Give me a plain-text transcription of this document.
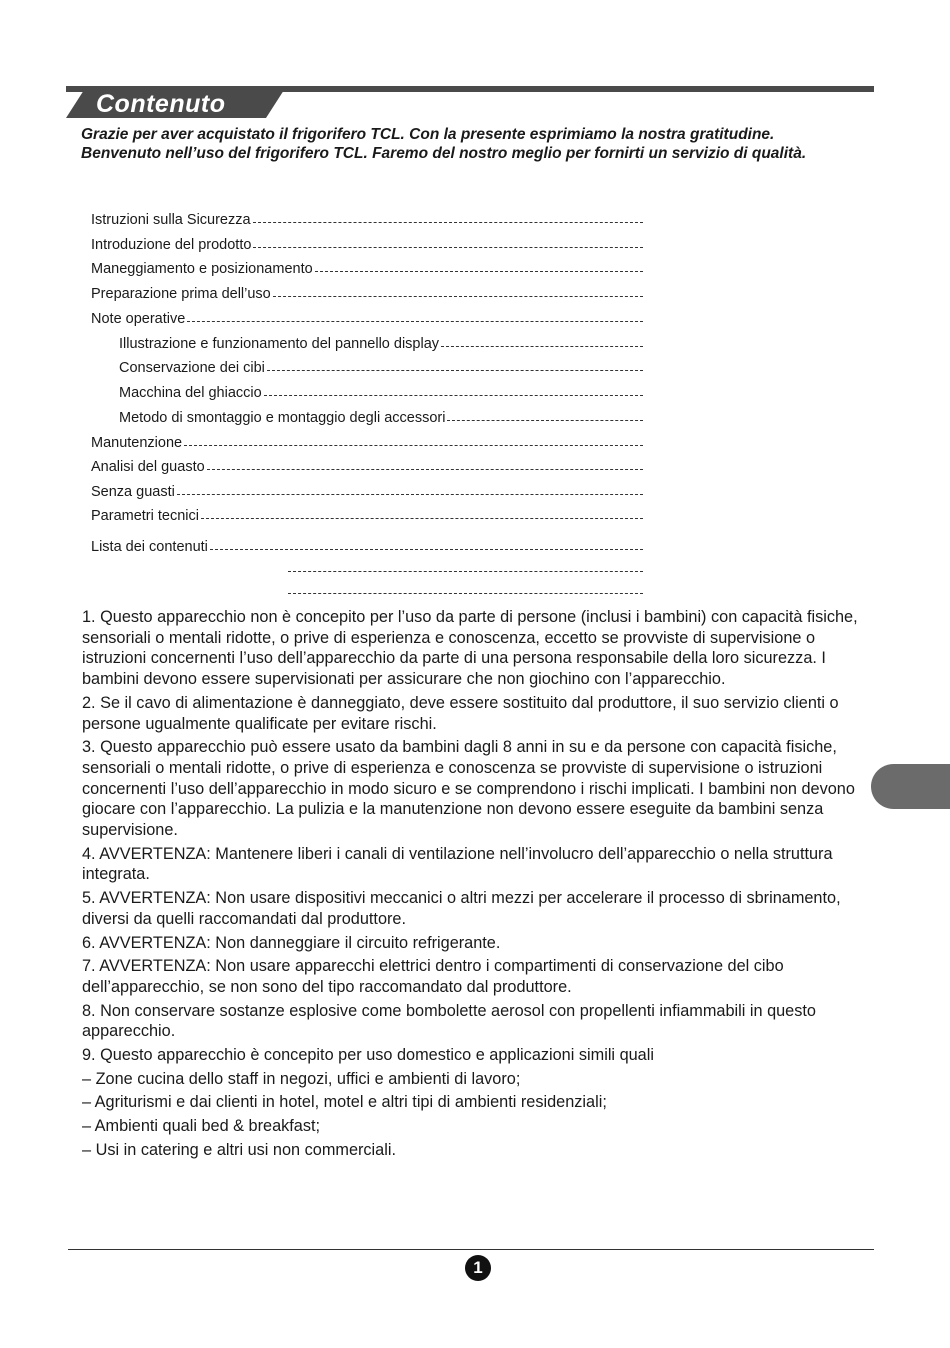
Contenuto

Grazie per aver acquistato il frigorifero TCL. Con la presente esprimiamo la nostra gratitudine.

Benvenuto nell’uso del frigorifero TCL. Faremo del nostro meglio per fornirti un servizio di qualità.

Istruzioni sulla Sicurezza
Introduzione del prodotto
Maneggiamento e posizionamento
Preparazione prima dell’uso
Note operative
Illustrazione e funzionamento del pannello display
Conservazione dei cibi
Macchina del ghiaccio
Metodo di smontaggio e montaggio degli accessori
Manutenzione
Analisi del guasto
Senza guasti
Parametri tecnici
Lista dei contenuti

1. Questo apparecchio non è concepito per l’uso da parte di persone (inclusi i bambini) con capacità fisiche, sensoriali o mentali ridotte, o prive di esperienza e conoscenza, eccetto se provviste di supervisione o istruzioni concernenti l’uso dell’apparecchio da parte di una persona responsabile della loro sicurezza. I bambini devono essere supervisionati per assicurare che non giochino con l’apparecchio.

2. Se il cavo di alimentazione è danneggiato, deve essere sostituito dal produttore, il suo servizio clienti o persone ugualmente qualificate per evitare rischi.

3. Questo apparecchio può essere usato da bambini dagli 8 anni in su e da persone con capacità fisiche, sensoriali o mentali ridotte, o prive di esperienza e conoscenza se provviste di supervisione o istruzioni concernenti l’uso dell’apparecchio in modo sicuro e se comprendono i rischi implicati. I bambini non devono giocare con l’apparecchio. La pulizia e la manutenzione non devono essere eseguite da bambini senza supervisione.

4. AVVERTENZA: Mantenere liberi i canali di ventilazione nell’involucro dell’apparecchio o nella struttura integrata.

5. AVVERTENZA: Non usare dispositivi meccanici o altri mezzi per accelerare il processo di sbrinamento, diversi da quelli raccomandati dal produttore.

6. AVVERTENZA: Non danneggiare il circuito refrigerante.

7. AVVERTENZA: Non usare apparecchi elettrici dentro i compartimenti di conservazione del cibo dell’apparecchio, se non sono del tipo raccomandato dal produttore.

8. Non conservare sostanze esplosive come bombolette aerosol con propellenti infiammabili in questo apparecchio.

9. Questo apparecchio è concepito per uso domestico e applicazioni simili quali

– Zone cucina dello staff in negozi, uffici e ambienti di lavoro;

– Agriturismi e dai clienti in hotel, motel e altri tipi di ambienti residenziali;

– Ambienti quali bed & breakfast;

– Usi in catering e altri usi non commerciali.

1
